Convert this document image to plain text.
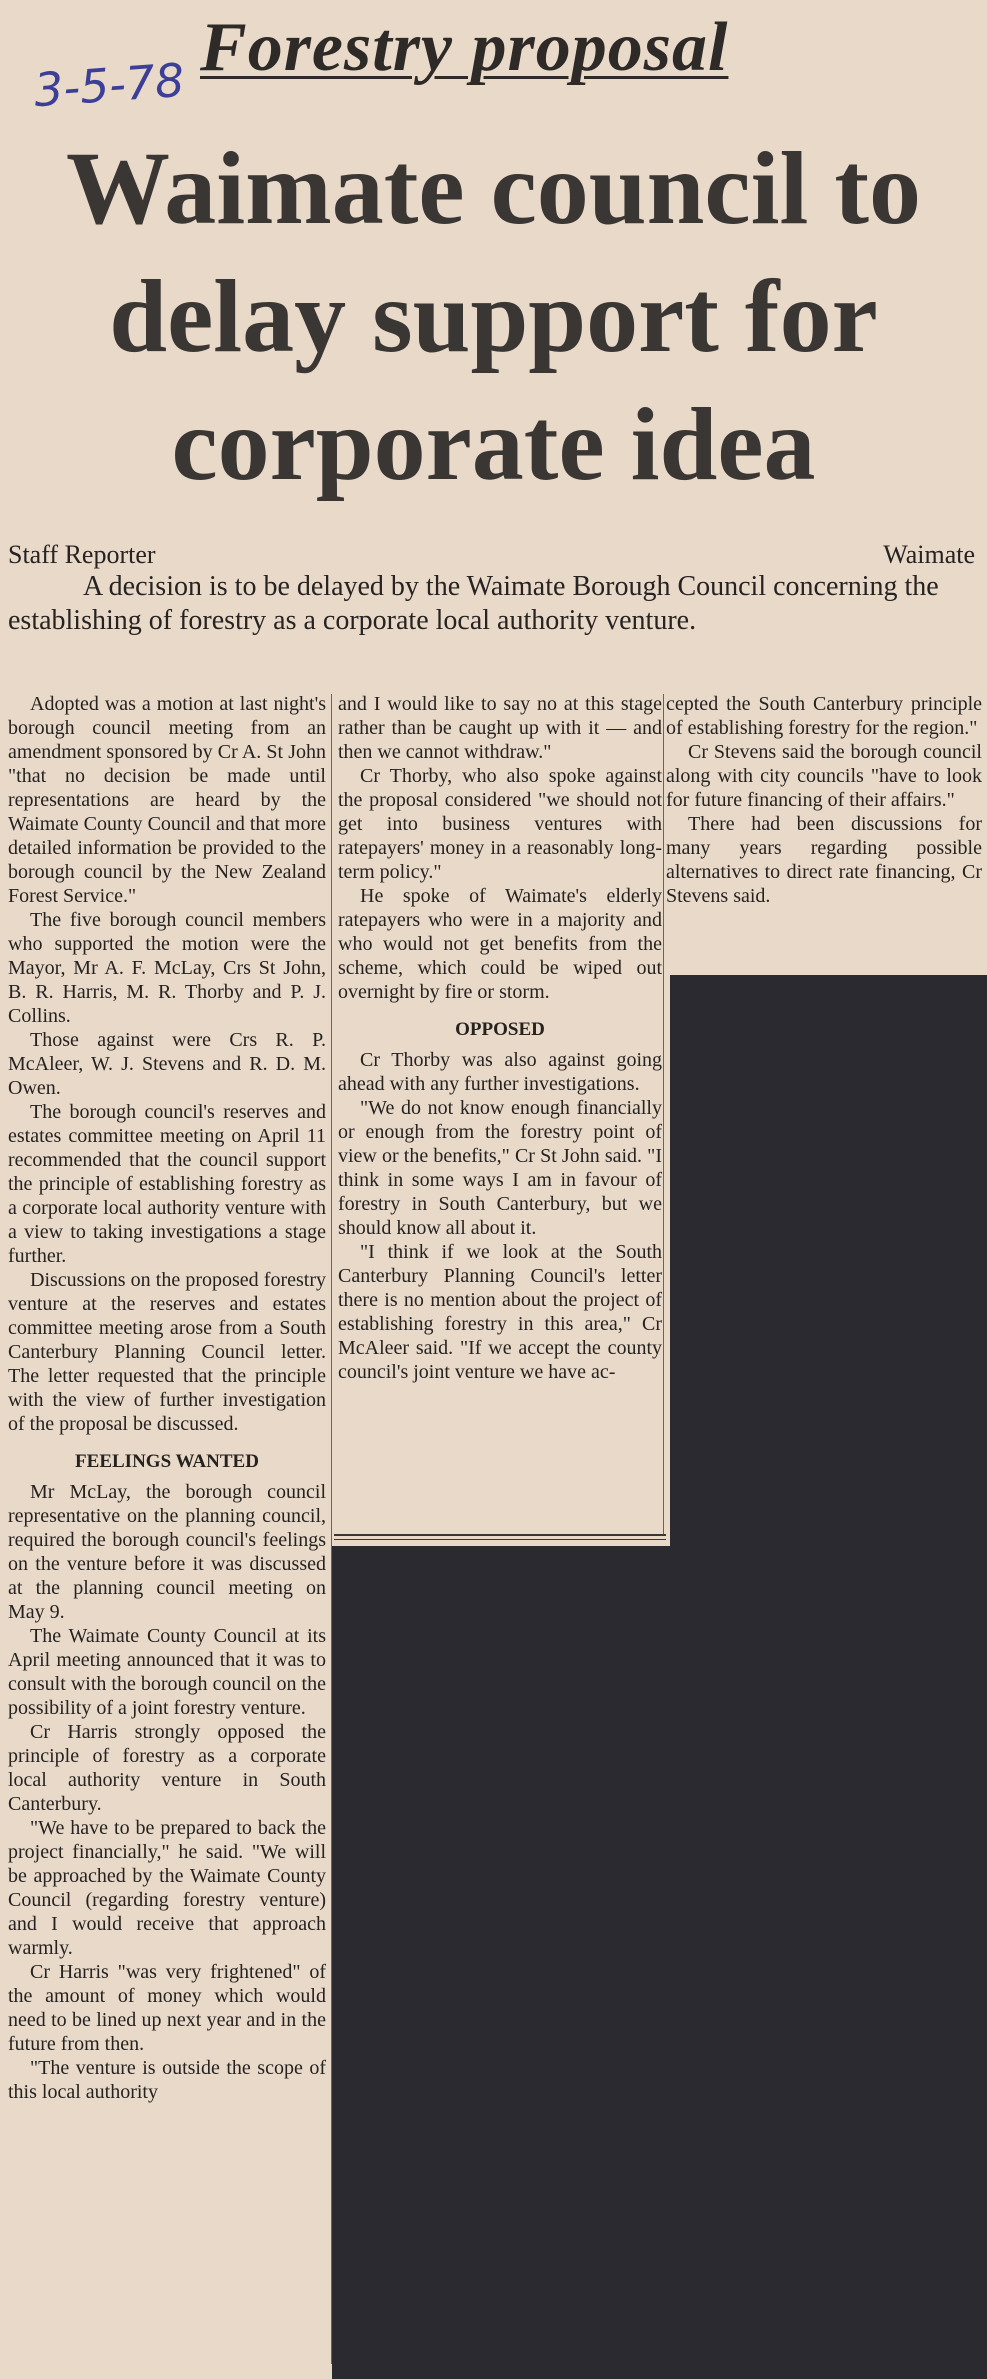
Forestry proposal
3-5-78
Waimate council to delay support for corporate idea
Staff Reporter	Waimate
A decision is to be delayed by the Waimate Borough Council concerning the establishing of forestry as a corporate local authority venture.

Adopted was a motion at last night's borough council meeting from an amendment sponsored by Cr A. St John "that no decision be made until representations are heard by the Waimate County Council and that more detailed information be provided to the borough council by the New Zealand Forest Service."

The five borough council members who supported the motion were the Mayor, Mr A. F. McLay, Crs St John, B. R. Harris, M. R. Thorby and P. J. Collins.

Those against were Crs R. P. McAleer, W. J. Stevens and R. D. M. Owen.

The borough council's reserves and estates committee meeting on April 11 recommended that the council support the principle of establishing forestry as a corporate local authority venture with a view to taking investigations a stage further.

Discussions on the proposed forestry venture at the reserves and estates committee meeting arose from a South Canterbury Planning Council letter. The letter requested that the principle with the view of further investigation of the proposal be discussed.

FEELINGS WANTED

Mr McLay, the borough council representative on the planning council, required the borough council's feelings on the venture before it was discussed at the planning council meeting on May 9.

The Waimate County Council at its April meeting announced that it was to consult with the borough council on the possibility of a joint forestry venture.

Cr Harris strongly opposed the principle of forestry as a corporate local authority venture in South Canterbury.

"We have to be prepared to back the project financially," he said. "We will be approached by the Waimate County Council (regarding forestry venture) and I would receive that approach warmly.

Cr Harris "was very frightened" of the amount of money which would need to be lined up next year and in the future from then.

"The venture is outside the scope of this local authority

and I would like to say no at this stage rather than be caught up with it — and then we cannot withdraw."

Cr Thorby, who also spoke against the proposal considered "we should not get into business ventures with ratepayers' money in a reasonably long-term policy."

He spoke of Waimate's elderly ratepayers who were in a majority and who would not get benefits from the scheme, which could be wiped out overnight by fire or storm.

OPPOSED

Cr Thorby was also against going ahead with any further investigations.

"We do not know enough financially or enough from the forestry point of view or the benefits," Cr St John said. "I think in some ways I am in favour of forestry in South Canterbury, but we should know all about it.

"I think if we look at the South Canterbury Planning Council's letter there is no mention about the project of establishing forestry in this area," Cr McAleer said. "If we accept the county council's joint venture we have ac-

cepted the South Canterbury principle of establishing forestry for the region."

Cr Stevens said the borough council along with city councils "have to look for future financing of their affairs."

There had been discussions for many years regarding possible alternatives to direct rate financing, Cr Stevens said.
